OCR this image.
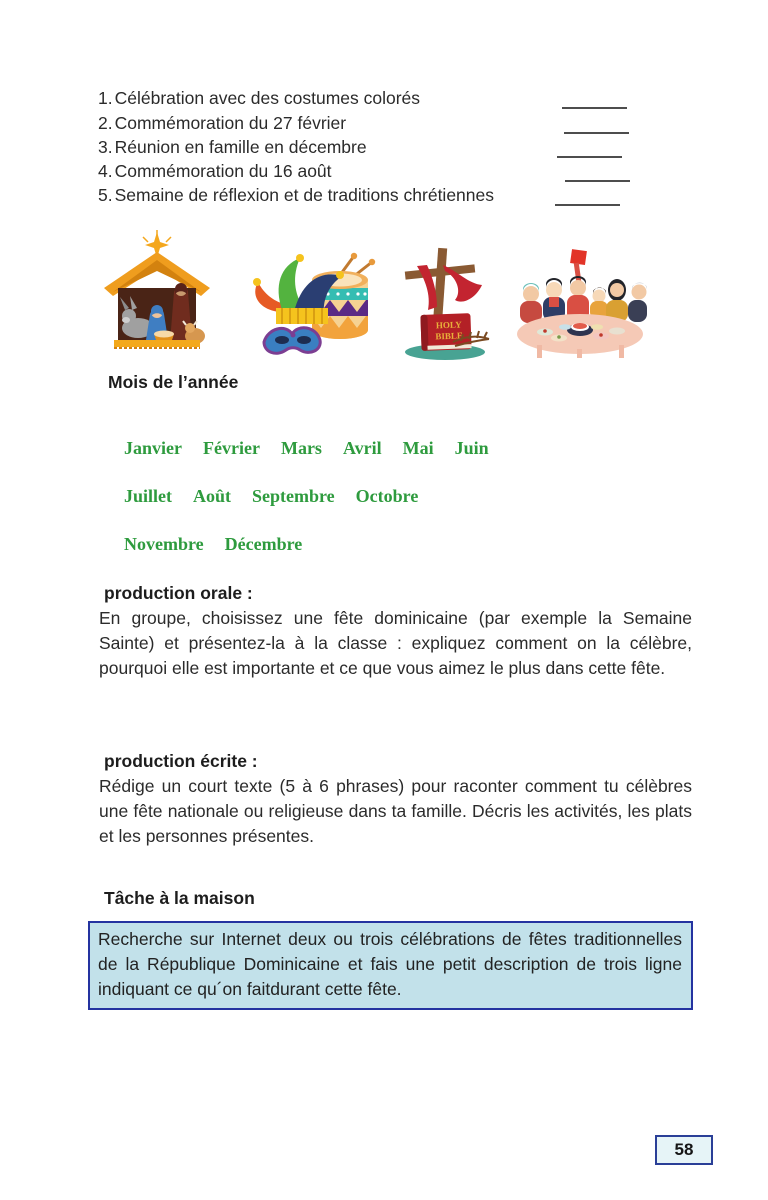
1. Célébration avec des costumes colorés
2. Commémoration du 27 février
3. Réunion en famille en décembre
4. Commémoration du 16 août
5. Semaine de réflexion et de traditions chrétiennes
HOLY
BIBLE
Mois de l’année
Janvier Février Mars Avril Mai Juin
Juillet Août Septembre Octobre
Novembre Décembre
production orale :
En groupe, choisissez une fête dominicaine (par exemple la Semaine Sainte) et présentez-la à la classe : expliquez comment on la célèbre, pourquoi elle est importante et ce que vous aimez le plus dans cette fête.
production écrite :
Rédige un court texte (5 à 6 phrases) pour raconter comment tu célèbres une fête nationale ou religieuse dans ta famille. Décris les activités, les plats et les personnes présentes.
Tâche à la maison
Recherche sur Internet deux ou trois célébrations de fêtes traditionnelles de la République Dominicaine et fais une petit description de trois ligne indiquant ce qu´on faitdurant cette fête.
58
